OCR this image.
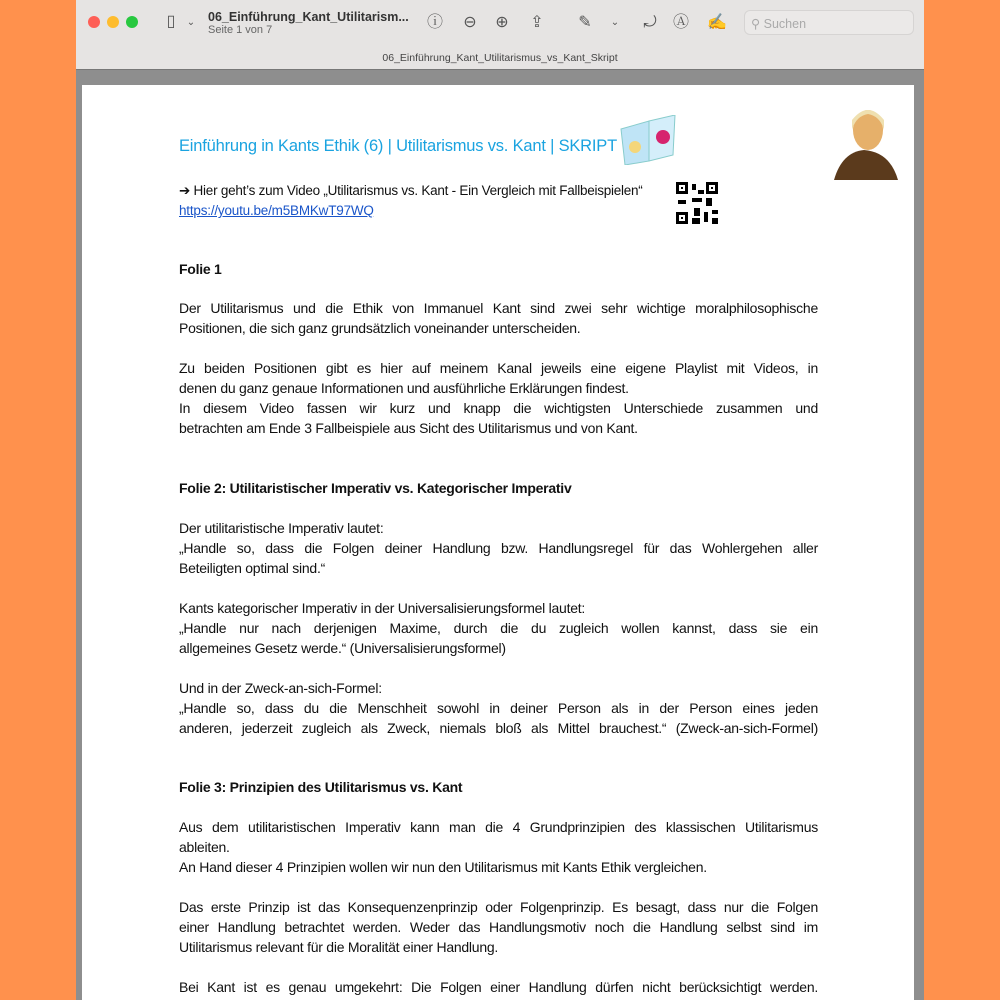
▯	⌄	06_Einführung_Kant_Utilitarism...
Seite 1 von 7	ⓘ ⊖ ⊕ ⇪ ✎	⌄	⤾ Ⓐ ✍	⚲ Suchen
06_Einführung_Kant_Utilitarismus_vs_Kant_Skript
Einführung in Kants Ethik (6) | Utilitarismus vs. Kant | SKRIPT
➔ Hier geht’s zum Video „Utilitarismus vs. Kant - Ein Vergleich mit Fallbeispielen“
https://youtu.be/m5BMKwT97WQ
Folie 1
Der Utilitarismus und die Ethik von Immanuel Kant sind zwei sehr wichtige moralphilosophische
Positionen, die sich ganz grundsätzlich voneinander unterscheiden.
Zu beiden Positionen gibt es hier auf meinem Kanal jeweils eine eigene Playlist mit Videos, in
denen du ganz genaue Informationen und ausführliche Erklärungen findest.
In diesem Video fassen wir kurz und knapp die wichtigsten Unterschiede zusammen und
betrachten am Ende 3 Fallbeispiele aus Sicht des Utilitarismus und von Kant.
Folie 2: Utilitaristischer Imperativ vs. Kategorischer Imperativ
Der utilitaristische Imperativ lautet:
„Handle so, dass die Folgen deiner Handlung bzw. Handlungsregel für das Wohlergehen aller
Beteiligten optimal sind.“
Kants kategorischer Imperativ in der Universalisierungsformel lautet:
„Handle nur nach derjenigen Maxime, durch die du zugleich wollen kannst, dass sie ein
allgemeines Gesetz werde.“ (Universalisierungsformel)
Und in der Zweck-an-sich-Formel:
„Handle so, dass du die Menschheit sowohl in deiner Person als in der Person eines jeden
anderen, jederzeit zugleich als Zweck, niemals bloß als Mittel brauchest.“ (Zweck-an-sich-Formel)
Folie 3: Prinzipien des Utilitarismus vs. Kant
Aus dem utilitaristischen Imperativ kann man die 4 Grundprinzipien des klassischen Utilitarismus
ableiten.
An Hand dieser 4 Prinzipien wollen wir nun den Utilitarismus mit Kants Ethik vergleichen.
Das erste Prinzip ist das Konsequenzenprinzip oder Folgenprinzip. Es besagt, dass nur die Folgen
einer Handlung betrachtet werden. Weder das Handlungsmotiv noch die Handlung selbst sind im
Utilitarismus relevant für die Moralität einer Handlung.
Bei Kant ist es genau umgekehrt: Die Folgen einer Handlung dürfen nicht berücksichtigt werden.
